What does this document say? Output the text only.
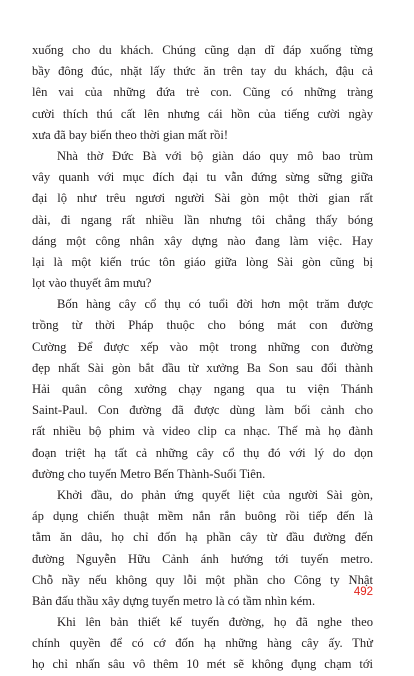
xuống cho du khách. Chúng cũng dạn dĩ đáp xuống từng
bầy đông đúc, nhặt lấy thức ăn trên tay du khách, đậu cả
lên vai của những đứa trẻ con. Cũng có những tràng
cười thích thú cất lên nhưng cái hồn của tiếng cười ngày
xưa đã bay biến theo thời gian mất rồi!
Nhà thờ Đức Bà với bộ giàn dáo quy mô bao trùm
vây quanh với mục đích đại tu vẫn đứng sừng sững giữa
đại lộ như trêu ngươi người Sài gòn một thời gian rất
dài, đi ngang rất nhiều lần nhưng tôi chẳng thấy bóng
dáng một công nhân xây dựng nào đang làm việc. Hay
lại là một kiến trúc tôn giáo giữa lòng Sài gòn cũng bị
lọt vào thuyết âm mưu?
Bốn hàng cây cổ thụ có tuổi đời hơn một trăm được
trồng từ thời Pháp thuộc cho bóng mát con đường
Cường Để được xếp vào một trong những con đường
đẹp nhất Sài gòn bắt đầu từ xưởng Ba Son sau đổi thành
Hải quân công xưởng chạy ngang qua tu viện Thánh
Saint-Paul. Con đường đã được dùng làm bối cảnh cho
rất nhiều bộ phim và video clip ca nhạc. Thế mà họ đành
đoạn triệt hạ tất cả những cây cổ thụ đó với lý do dọn
đường cho tuyến Metro Bến Thành-Suối Tiên.
Khởi đầu, do phản ứng quyết liệt của người Sài gòn,
áp dụng chiến thuật mềm nắn rắn buông rồi tiếp đến là
tằm ăn dâu, họ chỉ đốn hạ phần cây từ đầu đường đến
đường Nguyễn Hữu Cảnh ánh hướng tới tuyến metro.
Chỗ nầy nếu không quy lỗi một phần cho Công ty Nhật
Bản đấu thầu xây dựng tuyến metro là có tầm nhìn kém.
Khi lên bản thiết kế tuyến đường, họ đã nghe theo
chính quyền để có cớ đốn hạ những hàng cây ấy. Thử
họ chỉ nhấn sâu vô thêm 10 mét sẽ không đụng chạm tới
492
